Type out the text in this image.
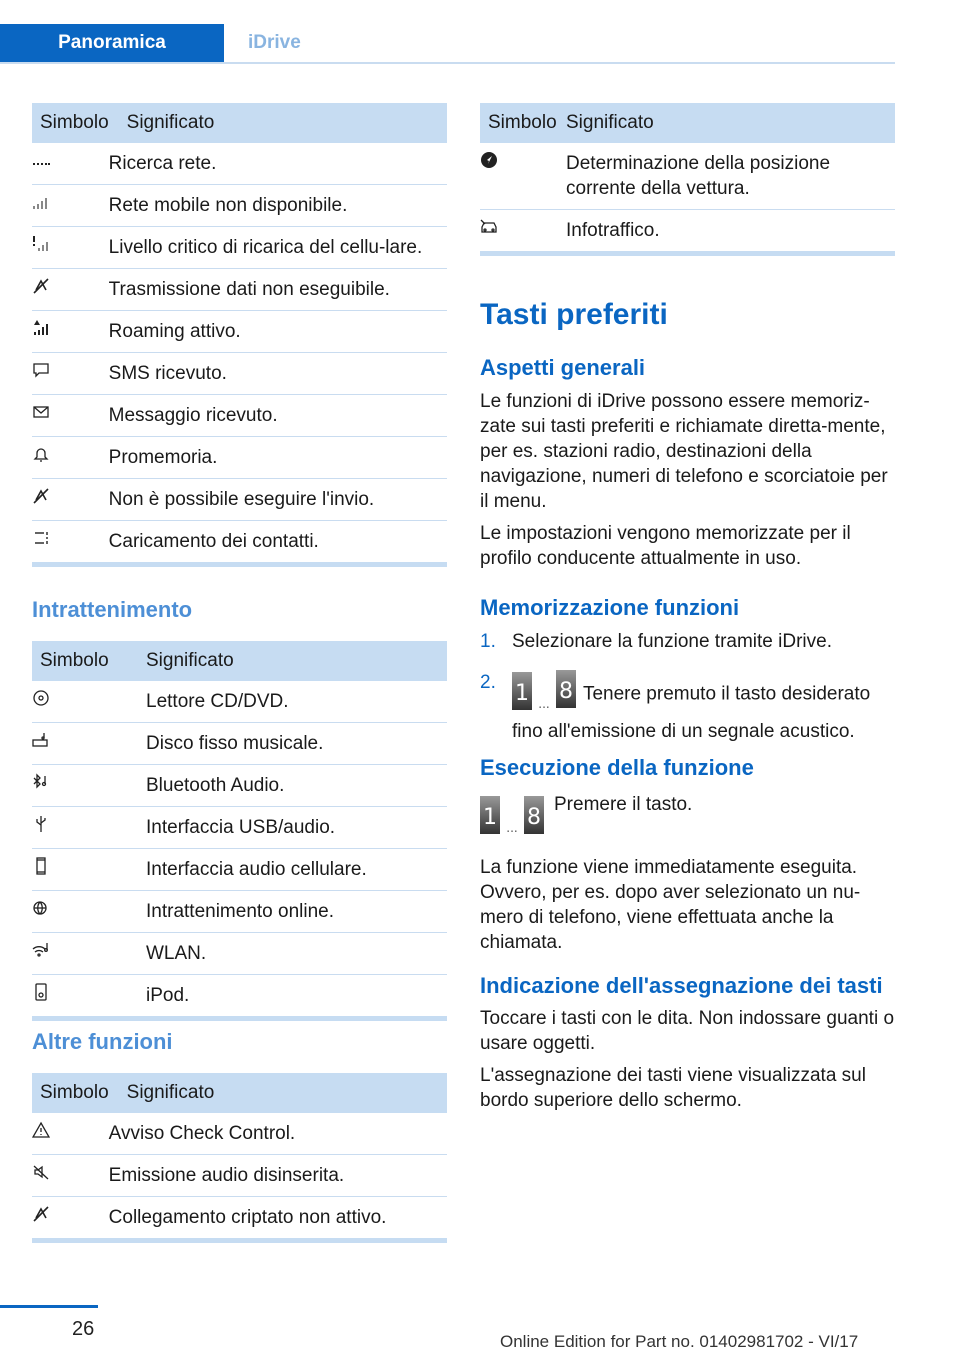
Panoramica	iDrive
Simbolo	Significato
	Ricerca rete.
	Rete mobile non disponibile.
	Livello critico di ricarica del cellu-lare.
	Trasmissione dati non eseguibile.
	Roaming attivo.
	SMS ricevuto.
	Messaggio ricevuto.
	Promemoria.
	Non è possibile eseguire l'invio.
	Caricamento dei contatti.
Intrattenimento
Simbolo	Significato
	Lettore CD/DVD.
	Disco fisso musicale.
	Bluetooth Audio.
	Interfaccia USB/audio.
	Interfaccia audio cellulare.
	Intrattenimento online.
	WLAN.
	iPod.
Altre funzioni
Simbolo	Significato
	Avviso Check Control.
	Emissione audio disinserita.
	Collegamento criptato non attivo.
Simbolo	Significato
	Determinazione della posizione corrente della vettura.
	Infotraffico.
Tasti preferiti
Aspetti generali

Le funzioni di iDrive possono essere memoriz-zate sui tasti preferiti e richiamate diretta-mente, per es. stazioni radio, destinazioni della navigazione, numeri di telefono e scorciatoie per il menu.

Le impostazioni vengono memorizzate per il profilo conducente attualmente in uso.

Memorizzazione funzioni
1. Selezionare la funzione tramite iDrive.
2. 1 ... 8 Tenere premuto il tasto desiderato fino all'emissione di un segnale acustico.
Esecuzione della funzione
1 ... 8
Premere il tasto.

La funzione viene immediatamente eseguita. Ovvero, per es. dopo aver selezionato un nu-mero di telefono, viene effettuata anche la chiamata.

Indicazione dell'assegnazione dei tasti

Toccare i tasti con le dita. Non indossare guanti o usare oggetti.

L'assegnazione dei tasti viene visualizzata sul bordo superiore dello schermo.

26
Online Edition for Part no. 01402981702 - VI/17
